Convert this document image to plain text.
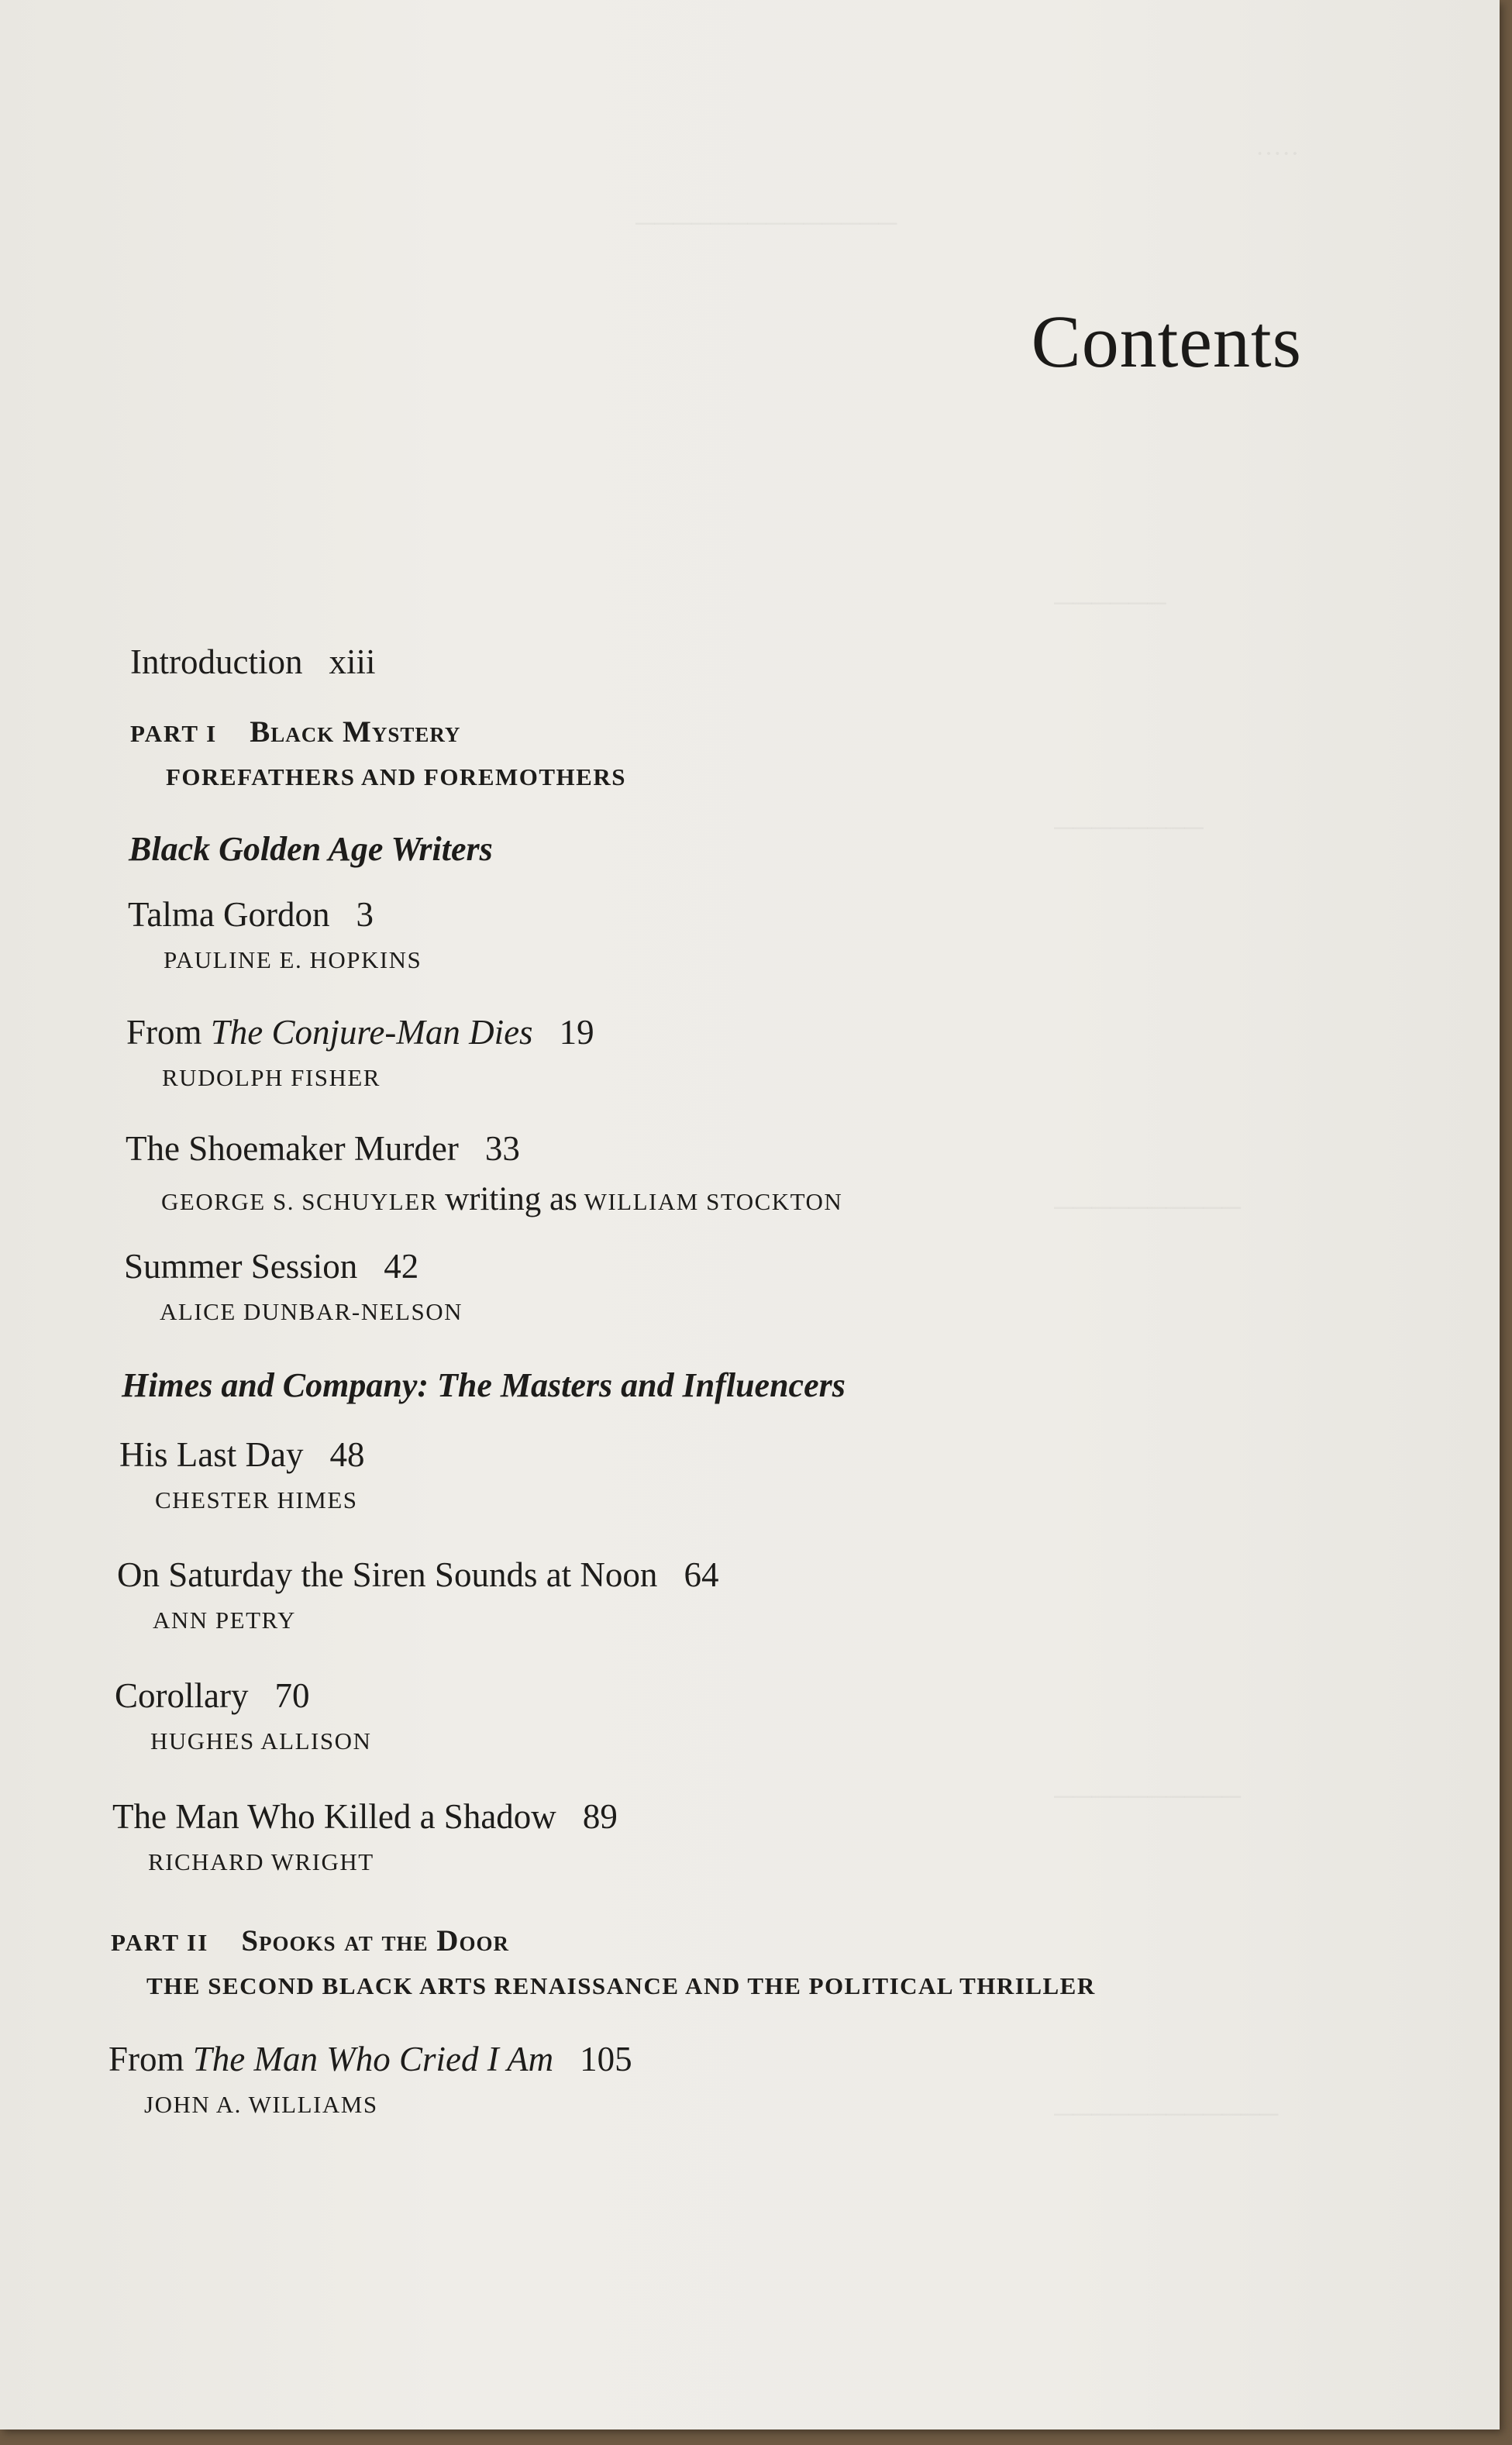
·····
──────────────
──────
────────
──────────
──────────
────────────
Contents
Introduction xiii
PART I Black Mystery
FOREFATHERS AND FOREMOTHERS
Black Golden Age Writers
Talma Gordon 3
PAULINE E. HOPKINS
From The Conjure-Man Dies 19
RUDOLPH FISHER
The Shoemaker Murder 33
GEORGE S. SCHUYLER writing as WILLIAM STOCKTON
Summer Session 42
ALICE DUNBAR-NELSON
Himes and Company: The Masters and Influencers
His Last Day 48
CHESTER HIMES
On Saturday the Siren Sounds at Noon 64
ANN PETRY
Corollary 70
HUGHES ALLISON
The Man Who Killed a Shadow 89
RICHARD WRIGHT
PART II Spooks at the Door
THE SECOND BLACK ARTS RENAISSANCE AND THE POLITICAL THRILLER
From The Man Who Cried I Am 105
JOHN A. WILLIAMS
